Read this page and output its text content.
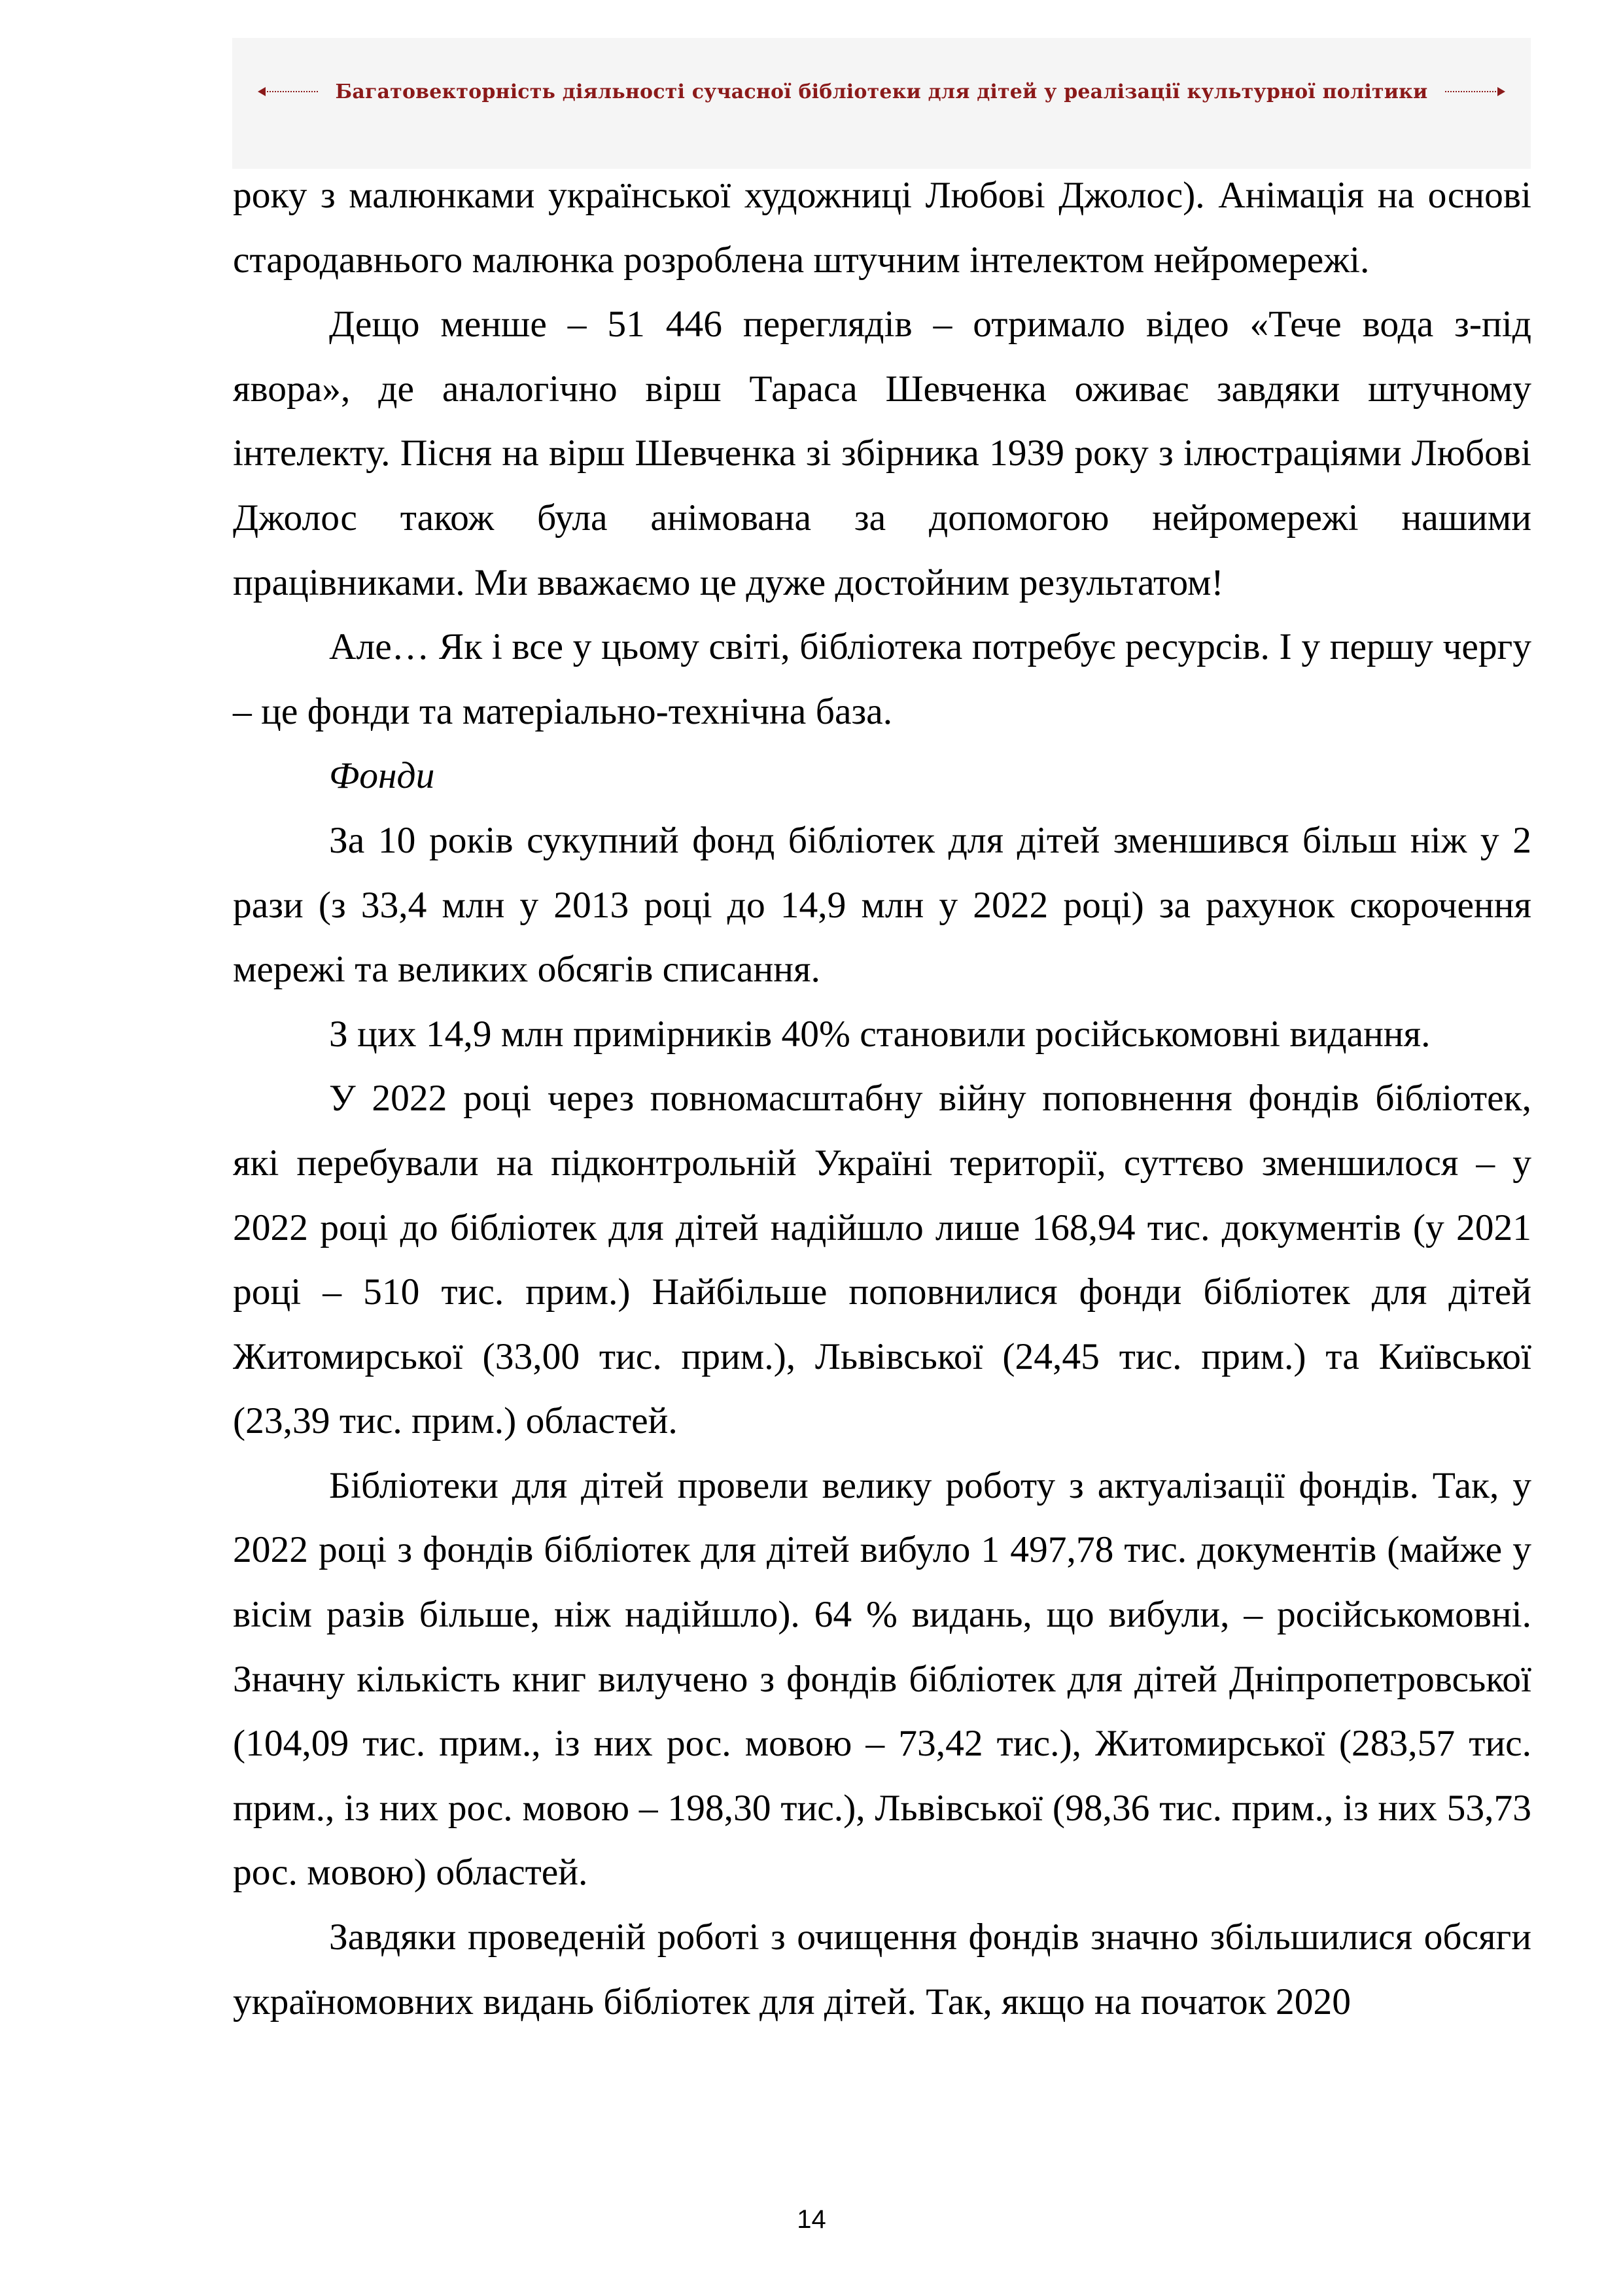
Багатовекторність діяльності сучасної бібліотеки для дітей у реалізації культурної політики

року з малюнками української художниці Любові Джолос). Анімація на основі стародавнього малюнка розроблена штучним інтелектом нейромережі.

Дещо менше – 51 446 переглядів – отримало відео «Тече вода з-під явора», де аналогічно вірш Тараса Шевченка оживає завдяки штучному інтелекту. Пісня на вірш Шевченка зі збірника 1939 року з ілюстраціями Любові Джолос також була анімована за допомогою нейромережі нашими працівниками. Ми вважаємо це дуже достойним результатом!

Але… Як і все у цьому світі, бібліотека потребує ресурсів. І у першу чергу – це фонди та матеріально-технічна база.

Фонди

За 10 років сукупний фонд бібліотек для дітей зменшився більш ніж у 2 рази (з 33,4 млн у 2013 році до 14,9 млн у 2022 році) за рахунок скорочення мережі та великих обсягів списання.

З цих 14,9 млн примірників 40% становили російськомовні видання.

У 2022 році через повномасштабну війну поповнення фондів бібліотек, які перебували на підконтрольній Україні території, суттєво зменшилося – у 2022 році до бібліотек для дітей надійшло лише 168,94 тис. документів (у 2021 році – 510 тис. прим.) Найбільше поповнилися фонди бібліотек для дітей Житомирської (33,00 тис. прим.), Львівської (24,45 тис. прим.) та Київської (23,39 тис. прим.) областей.

Бібліотеки для дітей провели велику роботу з актуалізації фондів. Так, у 2022 році з фондів бібліотек для дітей вибуло 1 497,78 тис. документів (майже у вісім разів більше, ніж надійшло). 64 % видань, що вибули, – російськомовні. Значну кількість книг вилучено з фондів бібліотек для дітей Дніпропетровської (104,09 тис. прим., із них рос. мовою – 73,42 тис.), Житомирської (283,57 тис. прим., із них рос. мовою – 198,30 тис.), Львівської (98,36 тис. прим., із них 53,73 рос. мовою) областей.

Завдяки проведеній роботі з очищення фондів значно збільшилися обсяги україномовних видань бібліотек для дітей. Так, якщо на початок 2020

14
